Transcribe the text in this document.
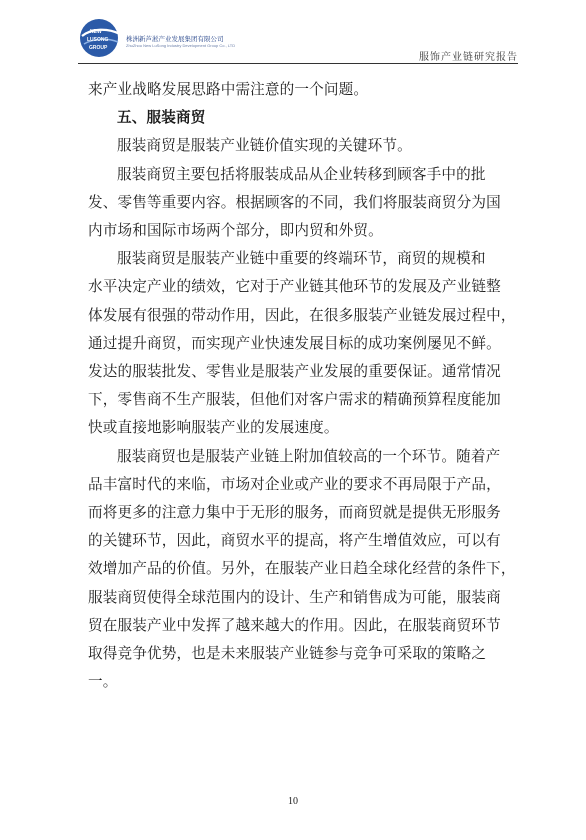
NEW
LUSONG
GROUP
株洲新芦淞产业发展集团有限公司
ZhuZhou New LuSong Industry Development Group Co., LTD
服饰产业链研究报告
来产业战略发展思路中需注意的一个问题。
五、服装商贸
服装商贸是服装产业链价值实现的关键环节。
服装商贸主要包括将服装成品从企业转移到顾客手中的批
发、零售等重要内容。根据顾客的不同，我们将服装商贸分为国
内市场和国际市场两个部分，即内贸和外贸。
服装商贸是服装产业链中重要的终端环节，商贸的规模和
水平决定产业的绩效，它对于产业链其他环节的发展及产业链整
体发展有很强的带动作用，因此，在很多服装产业链发展过程中，
通过提升商贸，而实现产业快速发展目标的成功案例屡见不鲜。
发达的服装批发、零售业是服装产业发展的重要保证。通常情况
下，零售商不生产服装，但他们对客户需求的精确预算程度能加
快或直接地影响服装产业的发展速度。
服装商贸也是服装产业链上附加值较高的一个环节。随着产
品丰富时代的来临，市场对企业或产业的要求不再局限于产品，
而将更多的注意力集中于无形的服务，而商贸就是提供无形服务
的关键环节，因此，商贸水平的提高，将产生增值效应，可以有
效增加产品的价值。另外，在服装产业日趋全球化经营的条件下，
服装商贸使得全球范围内的设计、生产和销售成为可能，服装商
贸在服装产业中发挥了越来越大的作用。因此，在服装商贸环节
取得竞争优势，也是未来服装产业链参与竞争可采取的策略之
一。
10
